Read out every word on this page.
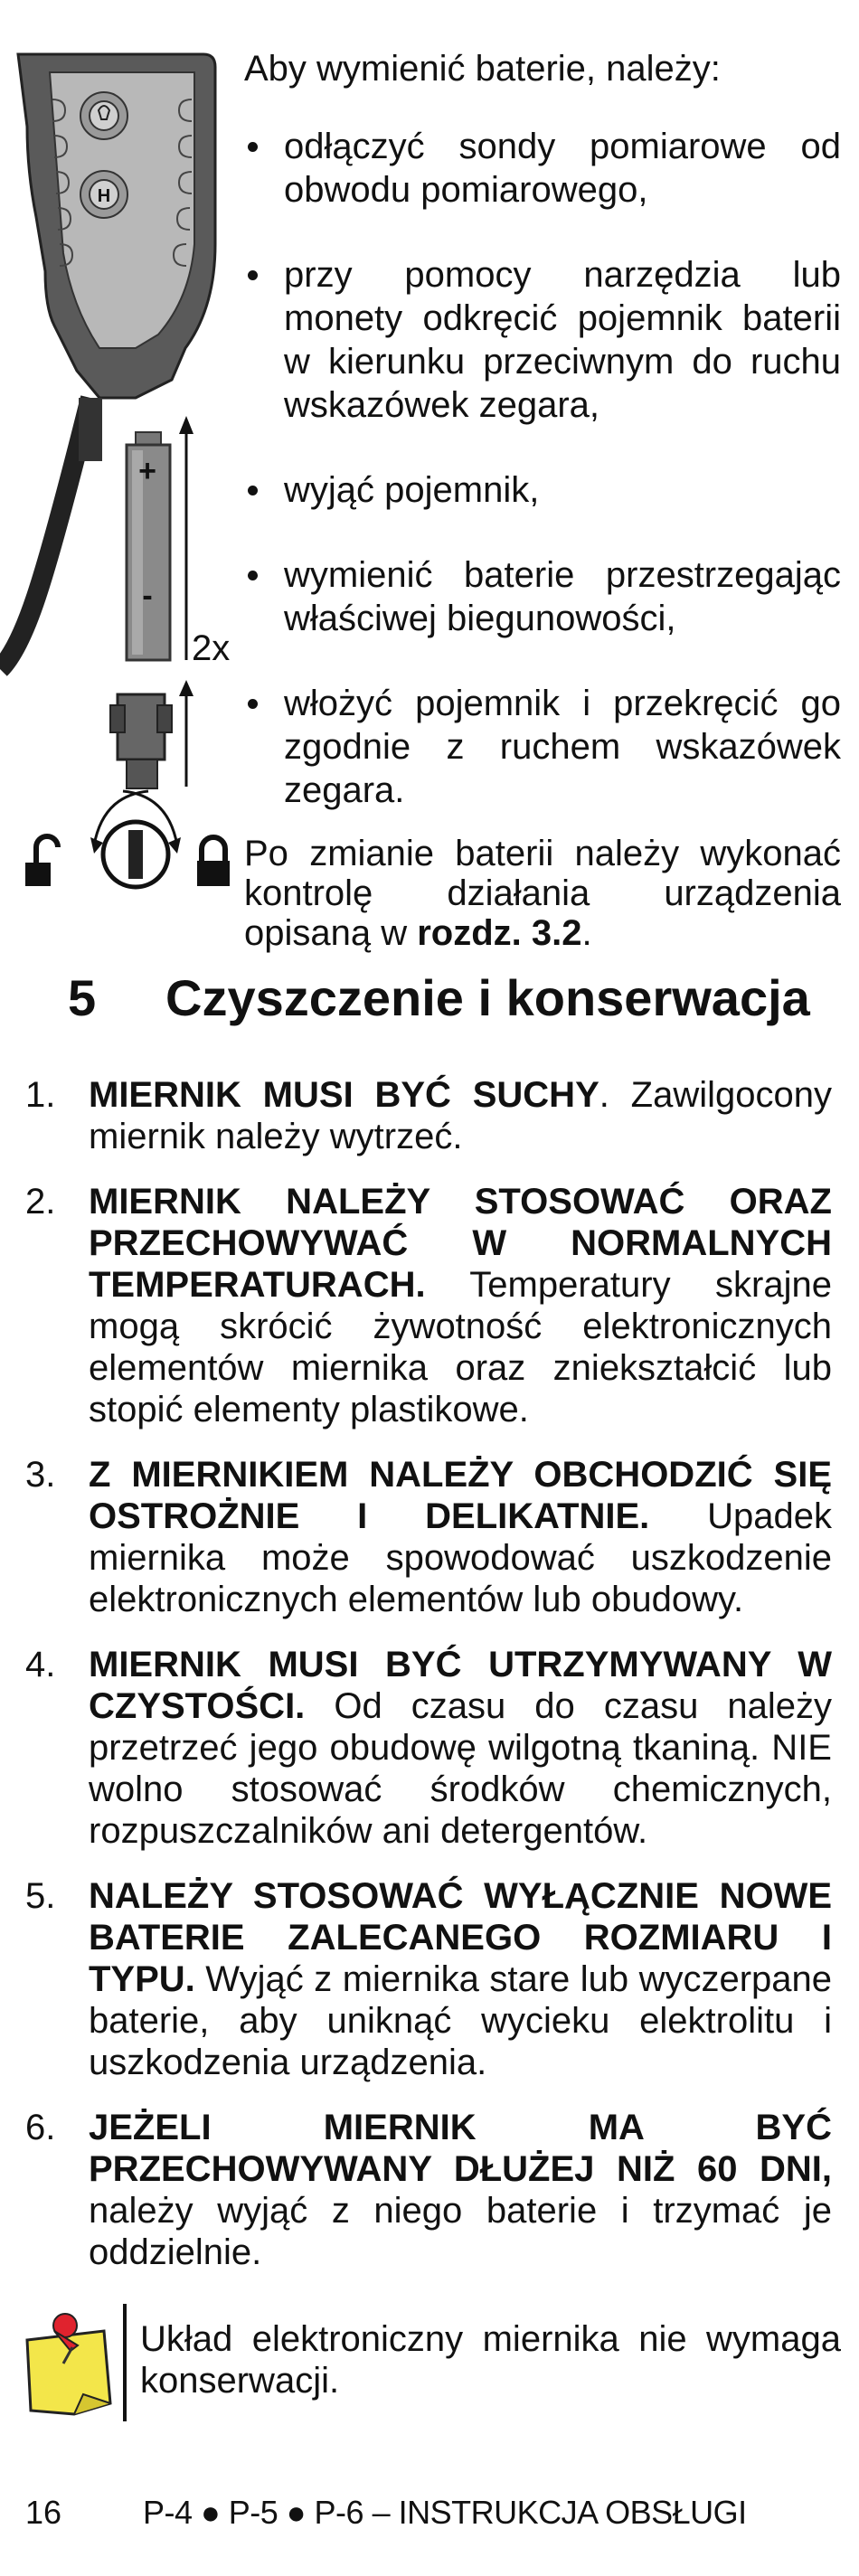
H
+
-
2x

Aby wymienić baterie, należy:

odłączyć sondy pomiarowe od obwodu pomiarowego,
przy pomocy narzędzia lub monety odkręcić pojemnik baterii w kierunku przeciwnym do ruchu wskazówek zegara,
wyjąć pojemnik,
wymienić baterie przestrzegając właściwej biegunowości,
włożyć pojemnik i przekręcić go zgodnie z ruchem wskazówek zegara.

Po zmianie baterii należy wykonać kontrolę działania urządzenia opisaną w rozdz. 3.2.

5 Czyszczenie i konserwacja
1. MIERNIK MUSI BYĆ SUCHY. Zawilgocony miernik należy wytrzeć.
2. MIERNIK NALEŻY STOSOWAĆ ORAZ PRZECHOWYWAĆ W NORMALNYCH TEMPERATURACH. Temperatury skrajne mogą skrócić żywotność elektronicznych elementów miernika oraz zniekształcić lub stopić elementy plastikowe.
3. Z MIERNIKIEM NALEŻY OBCHODZIĆ SIĘ OSTROŻNIE I DELIKATNIE. Upadek miernika może spowodować uszkodzenie elektronicznych elementów lub obudowy.
4. MIERNIK MUSI BYĆ UTRZYMYWANY W CZYSTOŚCI. Od czasu do czasu należy przetrzeć jego obudowę wilgotną tkaniną. NIE wolno stosować środków chemicznych, rozpuszczalników ani detergentów.
5. NALEŻY STOSOWAĆ WYŁĄCZNIE NOWE BATERIE ZALECANEGO ROZMIARU I TYPU. Wyjąć z miernika stare lub wyczerpane baterie, aby uniknąć wycieku elektrolitu i uszkodzenia urządzenia.
6. JEŻELI MIERNIK MA BYĆ PRZECHOWYWANY DŁUŻEJ NIŻ 60 DNI, należy wyjąć z niego baterie i trzymać je oddzielnie.

Układ elektroniczny miernika nie wymaga konserwacji.

16 P-4 ● P-5 ● P-6 – INSTRUKCJA OBSŁUGI
